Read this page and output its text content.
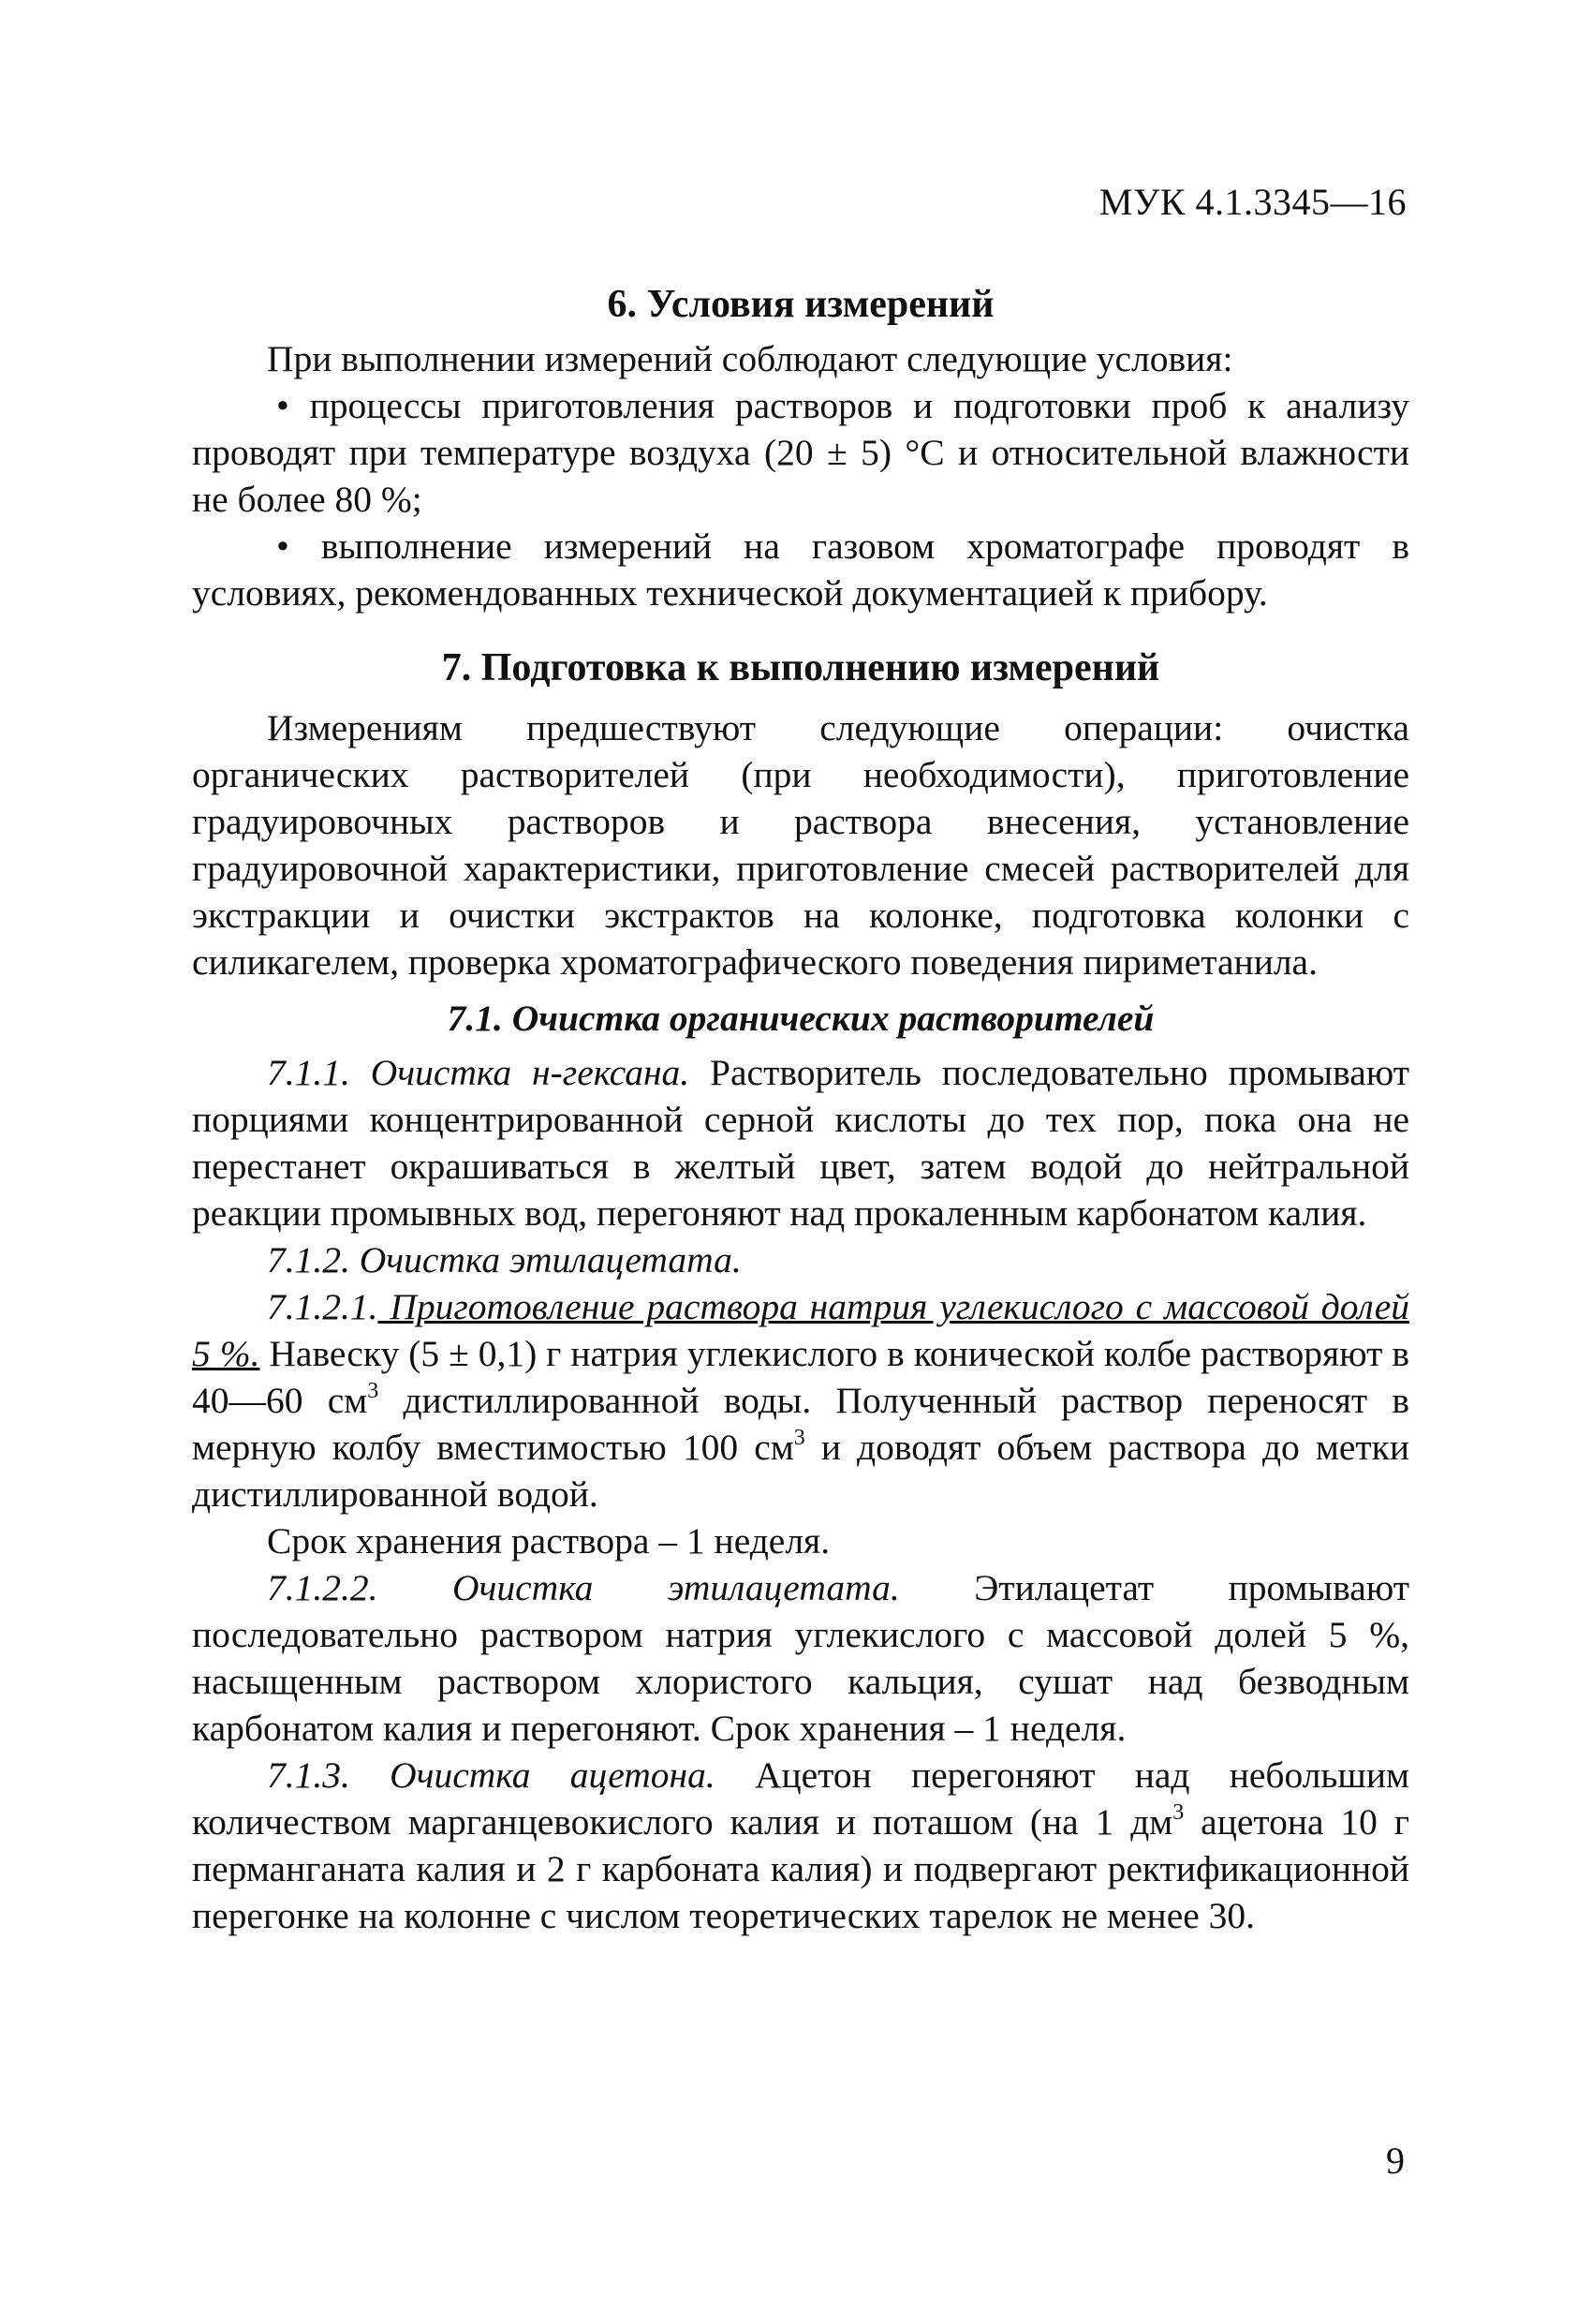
МУК 4.1.3345—16
6. Условия измерений

При выполнении измерений соблюдают следующие условия:

• процессы приготовления растворов и подготовки проб к анализу проводят при температуре воздуха (20 ± 5) °С и относительной влажности не более 80 %;

• выполнение измерений на газовом хроматографе проводят в условиях, рекомендованных технической документацией к прибору.

7. Подготовка к выполнению измерений

Измерениям предшествуют следующие операции: очистка органических растворителей (при необходимости), приготовление градуировочных растворов и раствора внесения, установление градуировочной характеристики, приготовление смесей растворителей для экстракции и очистки экстрактов на колонке, подготовка колонки с силикагелем, проверка хроматографического поведения пириметанила.

7.1. Очистка органических растворителей

7.1.1. Очистка н-гексана. Растворитель последовательно промывают порциями концентрированной серной кислоты до тех пор, пока она не перестанет окрашиваться в желтый цвет, затем водой до нейтральной реакции промывных вод, перегоняют над прокаленным карбонатом калия.

7.1.2. Очистка этилацетата.

7.1.2.1. Приготовление раствора натрия углекислого с массовой долей 5 %. Навеску (5 ± 0,1) г натрия углекислого в конической колбе растворяют в 40—60 $см^3$ дистиллированной воды. Полученный раствор переносят в мерную колбу вместимостью 100 $см^3$ и доводят объем раствора до метки дистиллированной водой.

Срок хранения раствора – 1 неделя.

7.1.2.2. Очистка этилацетата. Этилацетат промывают последовательно раствором натрия углекислого с массовой долей 5 %, насыщенным раствором хлористого кальция, сушат над безводным карбонатом калия и перегоняют. Срок хранения – 1 неделя.

7.1.3. Очистка ацетона. Ацетон перегоняют над небольшим количеством марганцевокислого калия и поташом (на 1 $дм^3$ ацетона 10 г перманганата калия и 2 г карбоната калия) и подвергают ректификационной перегонке на колонне с числом теоретических тарелок не менее 30.

9
